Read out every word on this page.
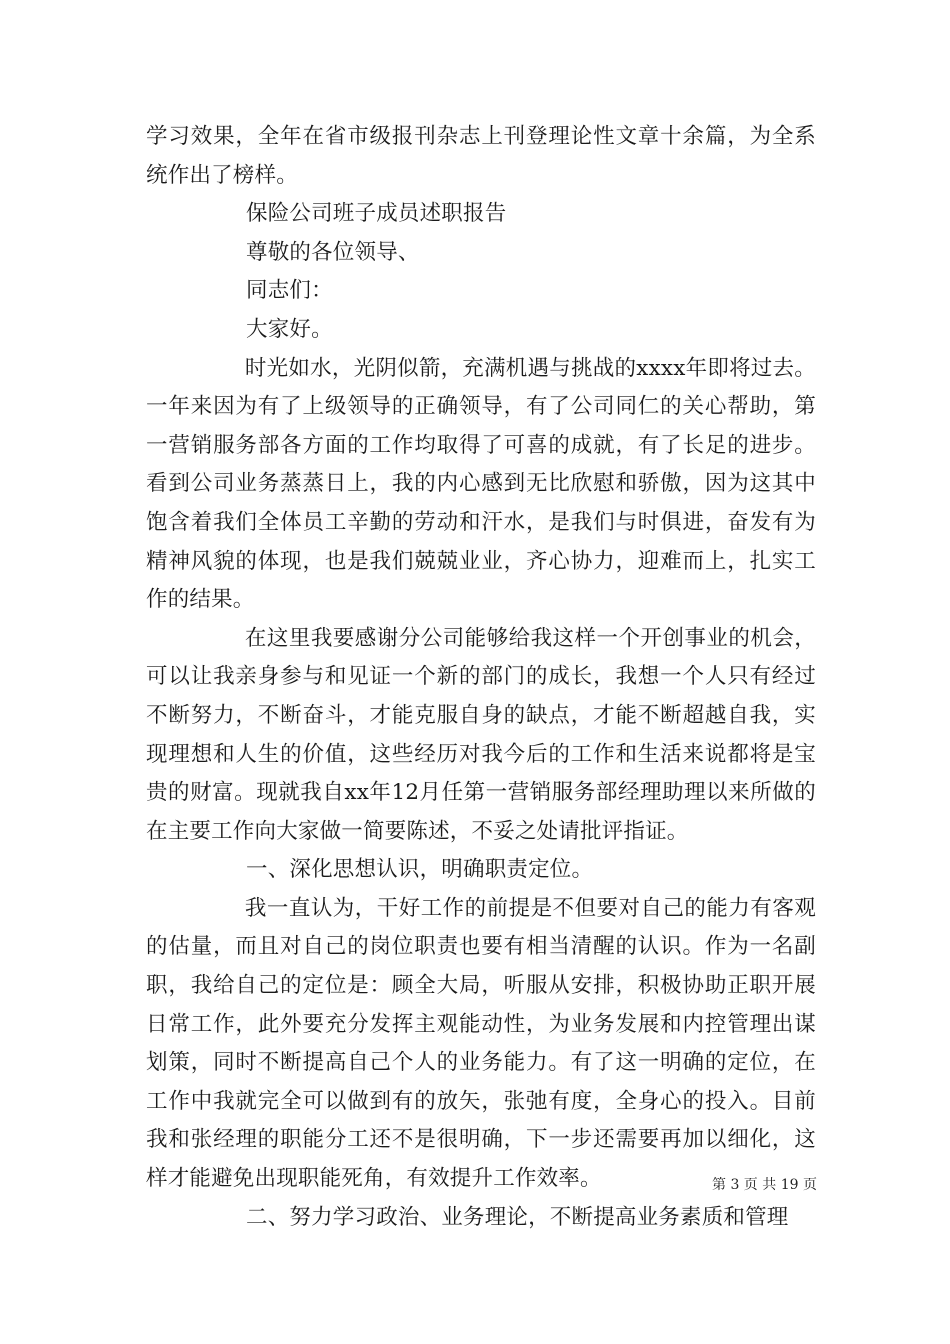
学习效果，全年在省市级报刊杂志上刊登理论性文章十余篇，为全系统作出了榜样。

保险公司班子成员述职报告

尊敬的各位领导、

同志们：

大家好。

时光如水，光阴似箭，充满机遇与挑战的xxxx年即将过去。一年来因为有了上级领导的正确领导，有了公司同仁的关心帮助，第一营销服务部各方面的工作均取得了可喜的成就，有了长足的进步。看到公司业务蒸蒸日上，我的内心感到无比欣慰和骄傲，因为这其中饱含着我们全体员工辛勤的劳动和汗水，是我们与时俱进，奋发有为精神风貌的体现，也是我们兢兢业业，齐心协力，迎难而上，扎实工作的结果。

在这里我要感谢分公司能够给我这样一个开创事业的机会，可以让我亲身参与和见证一个新的部门的成长，我想一个人只有经过不断努力，不断奋斗，才能克服自身的缺点，才能不断超越自我，实现理想和人生的价值，这些经历对我今后的工作和生活来说都将是宝贵的财富。现就我自xx年12月任第一营销服务部经理助理以来所做的在主要工作向大家做一简要陈述，不妥之处请批评指证。

一、深化思想认识，明确职责定位。

我一直认为，干好工作的前提是不但要对自己的能力有客观的估量，而且对自己的岗位职责也要有相当清醒的认识。作为一名副职，我给自己的定位是：顾全大局，听服从安排，积极协助正职开展日常工作，此外要充分发挥主观能动性，为业务发展和内控管理出谋划策，同时不断提高自己个人的业务能力。有了这一明确的定位，在工作中我就完全可以做到有的放矢，张弛有度，全身心的投入。目前我和张经理的职能分工还不是很明确，下一步还需要再加以细化，这样才能避免出现职能死角，有效提升工作效率。

二、努力学习政治、业务理论，不断提高业务素质和管理

第 3 页 共 19 页
